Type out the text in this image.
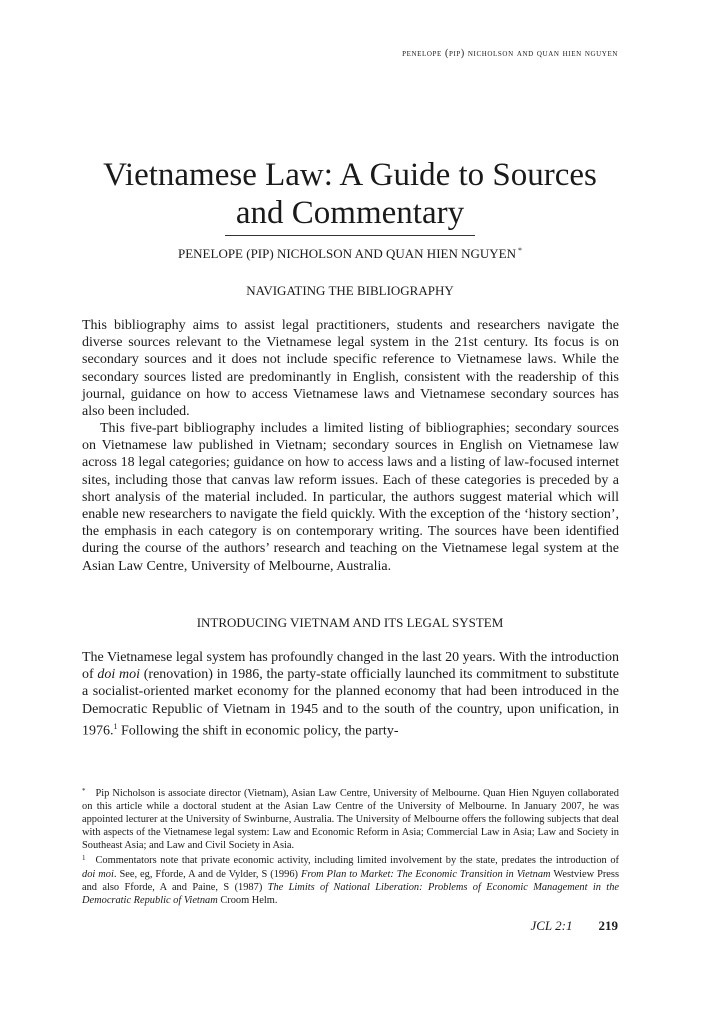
penelope (pip) nicholson and quan hien nguyen
Vietnamese Law: A Guide to Sources and Commentary
PENELOPE (PIP) NICHOLSON AND QUAN HIEN NGUYEN *
NAVIGATING THE BIBLIOGRAPHY

This bibliography aims to assist legal practitioners, students and researchers navigate the diverse sources relevant to the Vietnamese legal system in the 21st century. Its focus is on secondary sources and it does not include specific reference to Vietnamese laws. While the secondary sources listed are predominantly in English, consistent with the readership of this journal, guidance on how to access Vietnamese laws and Vietnamese secondary sources has also been included.

This five-part bibliography includes a limited listing of bibliographies; secondary sources on Vietnamese law published in Vietnam; secondary sources in English on Vietnamese law across 18 legal categories; guidance on how to access laws and a listing of law-focused internet sites, including those that canvas law reform issues. Each of these categories is preceded by a short analysis of the material included. In particular, the authors suggest material which will enable new researchers to navigate the field quickly. With the exception of the ‘history section’, the emphasis in each category is on contemporary writing. The sources have been identified during the course of the authors’ research and teaching on the Vietnamese legal system at the Asian Law Centre, University of Melbourne, Australia.

INTRODUCING VIETNAM AND ITS LEGAL SYSTEM

The Vietnamese legal system has profoundly changed in the last 20 years. With the introduction of doi moi (renovation) in 1986, the party-state officially launched its commitment to substitute a socialist-oriented market economy for the planned economy that had been introduced in the Democratic Republic of Vietnam in 1945 and to the south of the country, upon unification, in 1976.$^1$ Following the shift in economic policy, the party-

* Pip Nicholson is associate director (Vietnam), Asian Law Centre, University of Melbourne. Quan Hien Nguyen collaborated on this article while a doctoral student at the Asian Law Centre of the University of Melbourne. In January 2007, he was appointed lecturer at the University of Swinburne, Australia. The University of Melbourne offers the following subjects that deal with aspects of the Vietnamese legal system: Law and Economic Reform in Asia; Commercial Law in Asia; Law and Society in Southeast Asia; and Law and Civil Society in Asia.

$^1$ Commentators note that private economic activity, including limited involvement by the state, predates the introduction of doi moi. See, eg, Fforde, A and de Vylder, S (1996) From Plan to Market: The Economic Transition in Vietnam Westview Press and also Fforde, A and Paine, S (1987) The Limits of National Liberation: Problems of Economic Management in the Democratic Republic of Vietnam Croom Helm.

JCL 2:1 219
